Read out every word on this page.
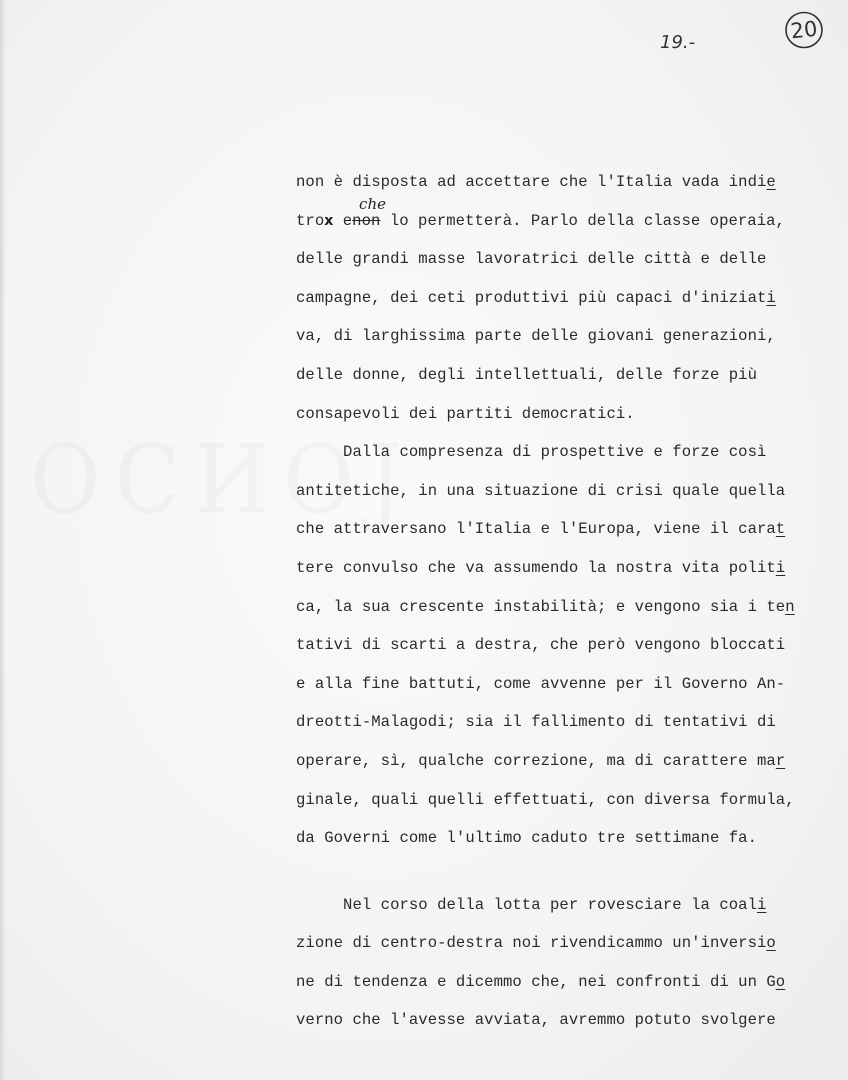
ОСИОЈ
20
19.-
non è disposta ad accettare che l'Italia vada indie
trox enon
che
lo permetterà. Parlo della classe operaia,
delle grandi masse lavoratrici delle città e delle
campagne, dei ceti produttivi più capaci d'iniziati
va, di larghissima parte delle giovani generazioni,
delle donne, degli intellettuali, delle forze più
consapevoli dei partiti democratici.
Dalla compresenza di prospettive e forze così
antitetiche, in una situazione di crisi quale quella
che attraversano l'Italia e l'Europa, viene il carat
tere convulso che va assumendo la nostra vita politi
ca, la sua crescente instabilità; e vengono sia i ten
tativi di scarti a destra, che però vengono bloccati
e alla fine battuti, come avvenne per il Governo An-
dreotti-Malagodi; sia il fallimento di tentativi di
operare, sì, qualche correzione, ma di carattere mar
ginale, quali quelli effettuati, con diversa formula,
da Governi come l'ultimo caduto tre settimane fa.
Nel corso della lotta per rovesciare la coali
zione di centro-destra noi rivendicammo un'inversio
ne di tendenza e dicemmo che, nei confronti di un Go
verno che l'avesse avviata, avremmo potuto svolgere
